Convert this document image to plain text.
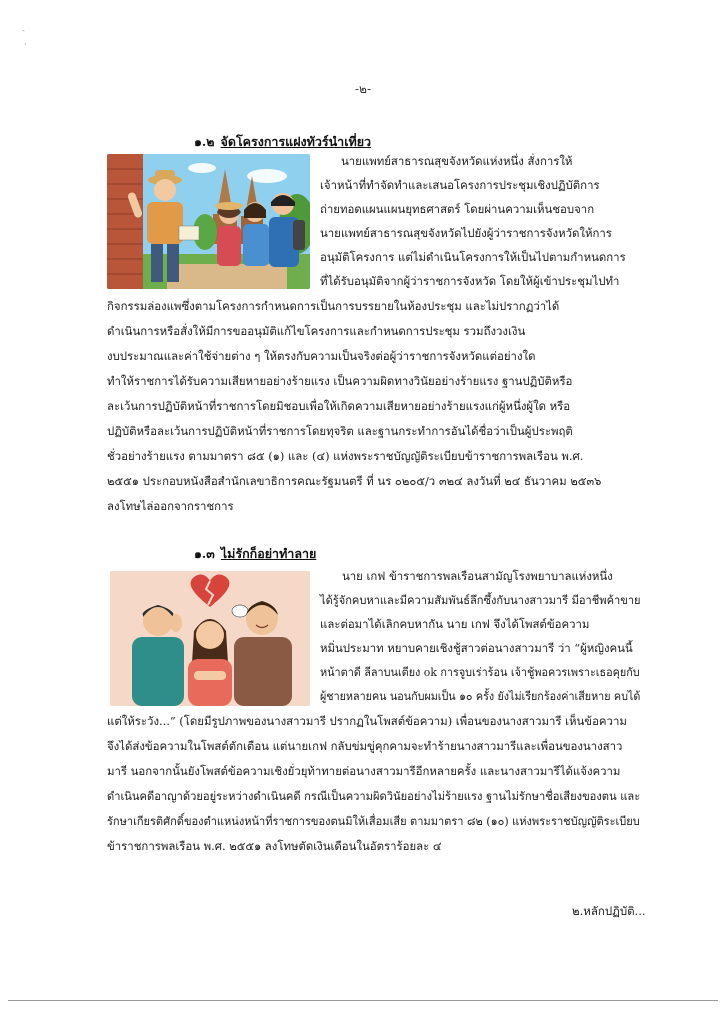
-
·
-๒-
๑.๒ จัดโครงการแฝงทัวร์นำเที่ยว
นายแพทย์สาธารณสุขจังหวัดแห่งหนึ่ง สั่งการให้
เจ้าหน้าที่ทำจัดทำและเสนอโครงการประชุมเชิงปฏิบัติการ
ถ่ายทอดแผนแผนยุทธศาสตร์ โดยผ่านความเห็นชอบจาก
นายแพทย์สาธารณสุขจังหวัดไปยังผู้ว่าราชการจังหวัดให้การ
อนุมัติโครงการ แต่ไม่ดำเนินโครงการให้เป็นไปตามกำหนดการ
ที่ได้รับอนุมัติจากผู้ว่าราชการจังหวัด โดยให้ผู้เข้าประชุมไปทำ
กิจกรรมล่องแพซึ่งตามโครงการกำหนดการเป็นการบรรยายในห้องประชุม และไม่ปรากฏว่าได้
ดำเนินการหรือสั่งให้มีการขออนุมัติแก้ไขโครงการและกำหนดการประชุม รวมถึงวงเงิน
งบประมาณและค่าใช้จ่ายต่าง ๆ ให้ตรงกับความเป็นจริงต่อผู้ว่าราชการจังหวัดแต่อย่างใด
ทำให้ราชการได้รับความเสียหายอย่างร้ายแรง เป็นความผิดทางวินัยอย่างร้ายแรง ฐานปฏิบัติหรือ
ละเว้นการปฏิบัติหน้าที่ราชการโดยมิชอบเพื่อให้เกิดความเสียหายอย่างร้ายแรงแก่ผู้หนึ่งผู้ใด หรือ
ปฏิบัติหรือละเว้นการปฏิบัติหน้าที่ราชการโดยทุจริต และฐานกระทำการอันได้ชื่อว่าเป็นผู้ประพฤติ
ชั่วอย่างร้ายแรง ตามมาตรา ๘๕ (๑) และ (๔) แห่งพระราชบัญญัติระเบียบข้าราชการพลเรือน พ.ศ.
๒๕๕๑ ประกอบหนังสือสำนักเลขาธิการคณะรัฐมนตรี ที่ นร ๐๒๐๕/ว ๓๒๔ ลงวันที่ ๒๔ ธันวาคม ๒๕๓๖
ลงโทษไล่ออกจากราชการ
๑.๓ ไม่รักก็อย่าทำลาย
นาย เกฟ ข้าราชการพลเรือนสามัญโรงพยาบาลแห่งหนึ่ง
ได้รู้จักคบหาและมีความสัมพันธ์ลึกซึ้งกับนางสาวมารี มีอาชีพค้าขาย
และต่อมาได้เลิกคบหากัน นาย เกฟ จึงได้โพสต์ข้อความ
หมิ่นประมาท หยาบคายเชิงชู้สาวต่อนางสาวมารี ว่า “ผู้หญิงคนนี้
หน้าตาดี ลีลาบนเตียง ok การจูบเร่าร้อน เจ้าชู้พอควรเพราะเธอคุยกับ
ผู้ชายหลายคน นอนกับผมเป็น ๑๐ ครั้ง ยังไม่เรียกร้องค่าเสียหาย คบได้
แต่ให้ระวัง...” (โดยมีรูปภาพของนางสาวมารี ปรากฏในโพสต์ข้อความ) เพื่อนของนางสาวมารี เห็นข้อความ
จึงได้ส่งข้อความในโพสต์ตักเตือน แต่นายเกฟ กลับข่มขู่คุกคามจะทำร้ายนางสาวมารีและเพื่อนของนางสาว
มารี นอกจากนั้นยังโพสต์ข้อความเชิงยั่วยุท้าทายต่อนางสาวมารีอีกหลายครั้ง และนางสาวมารีได้แจ้งความ
ดำเนินคดีอาญาด้วยอยู่ระหว่างดำเนินคดี กรณีเป็นความผิดวินัยอย่างไม่ร้ายแรง ฐานไม่รักษาชื่อเสียงของตน และ
รักษาเกียรติศักดิ์ของตำแหน่งหน้าที่ราชการของตนมิให้เสื่อมเสีย ตามมาตรา ๘๒ (๑๐) แห่งพระราชบัญญัติระเบียบ
ข้าราชการพลเรือน พ.ศ. ๒๕๕๑ ลงโทษตัดเงินเดือนในอัตราร้อยละ ๔
๒.หลักปฏิบัติ...
